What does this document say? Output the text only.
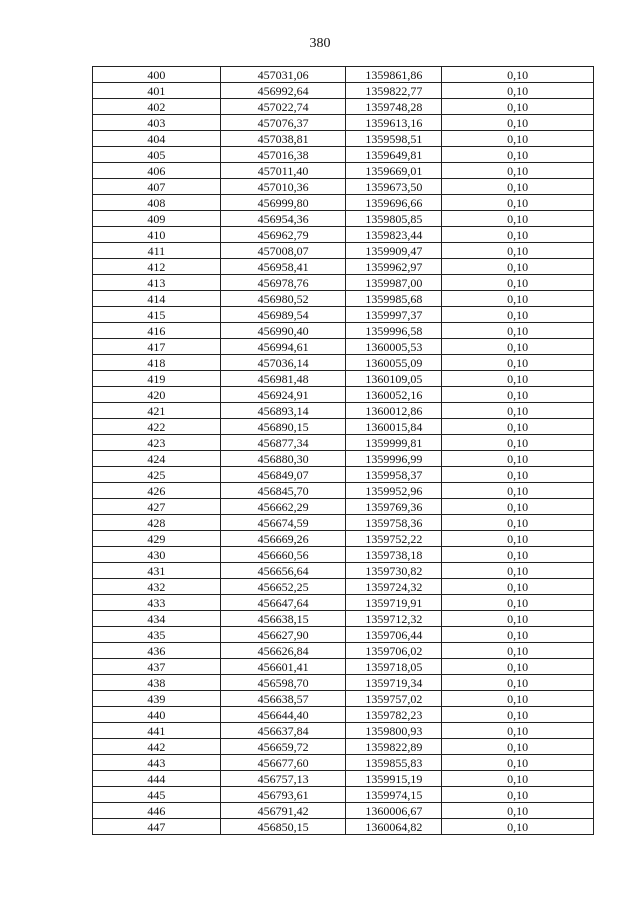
380
400	457031,06	1359861,86	0,10
401	456992,64	1359822,77	0,10
402	457022,74	1359748,28	0,10
403	457076,37	1359613,16	0,10
404	457038,81	1359598,51	0,10
405	457016,38	1359649,81	0,10
406	457011,40	1359669,01	0,10
407	457010,36	1359673,50	0,10
408	456999,80	1359696,66	0,10
409	456954,36	1359805,85	0,10
410	456962,79	1359823,44	0,10
411	457008,07	1359909,47	0,10
412	456958,41	1359962,97	0,10
413	456978,76	1359987,00	0,10
414	456980,52	1359985,68	0,10
415	456989,54	1359997,37	0,10
416	456990,40	1359996,58	0,10
417	456994,61	1360005,53	0,10
418	457036,14	1360055,09	0,10
419	456981,48	1360109,05	0,10
420	456924,91	1360052,16	0,10
421	456893,14	1360012,86	0,10
422	456890,15	1360015,84	0,10
423	456877,34	1359999,81	0,10
424	456880,30	1359996,99	0,10
425	456849,07	1359958,37	0,10
426	456845,70	1359952,96	0,10
427	456662,29	1359769,36	0,10
428	456674,59	1359758,36	0,10
429	456669,26	1359752,22	0,10
430	456660,56	1359738,18	0,10
431	456656,64	1359730,82	0,10
432	456652,25	1359724,32	0,10
433	456647,64	1359719,91	0,10
434	456638,15	1359712,32	0,10
435	456627,90	1359706,44	0,10
436	456626,84	1359706,02	0,10
437	456601,41	1359718,05	0,10
438	456598,70	1359719,34	0,10
439	456638,57	1359757,02	0,10
440	456644,40	1359782,23	0,10
441	456637,84	1359800,93	0,10
442	456659,72	1359822,89	0,10
443	456677,60	1359855,83	0,10
444	456757,13	1359915,19	0,10
445	456793,61	1359974,15	0,10
446	456791,42	1360006,67	0,10
447	456850,15	1360064,82	0,10
